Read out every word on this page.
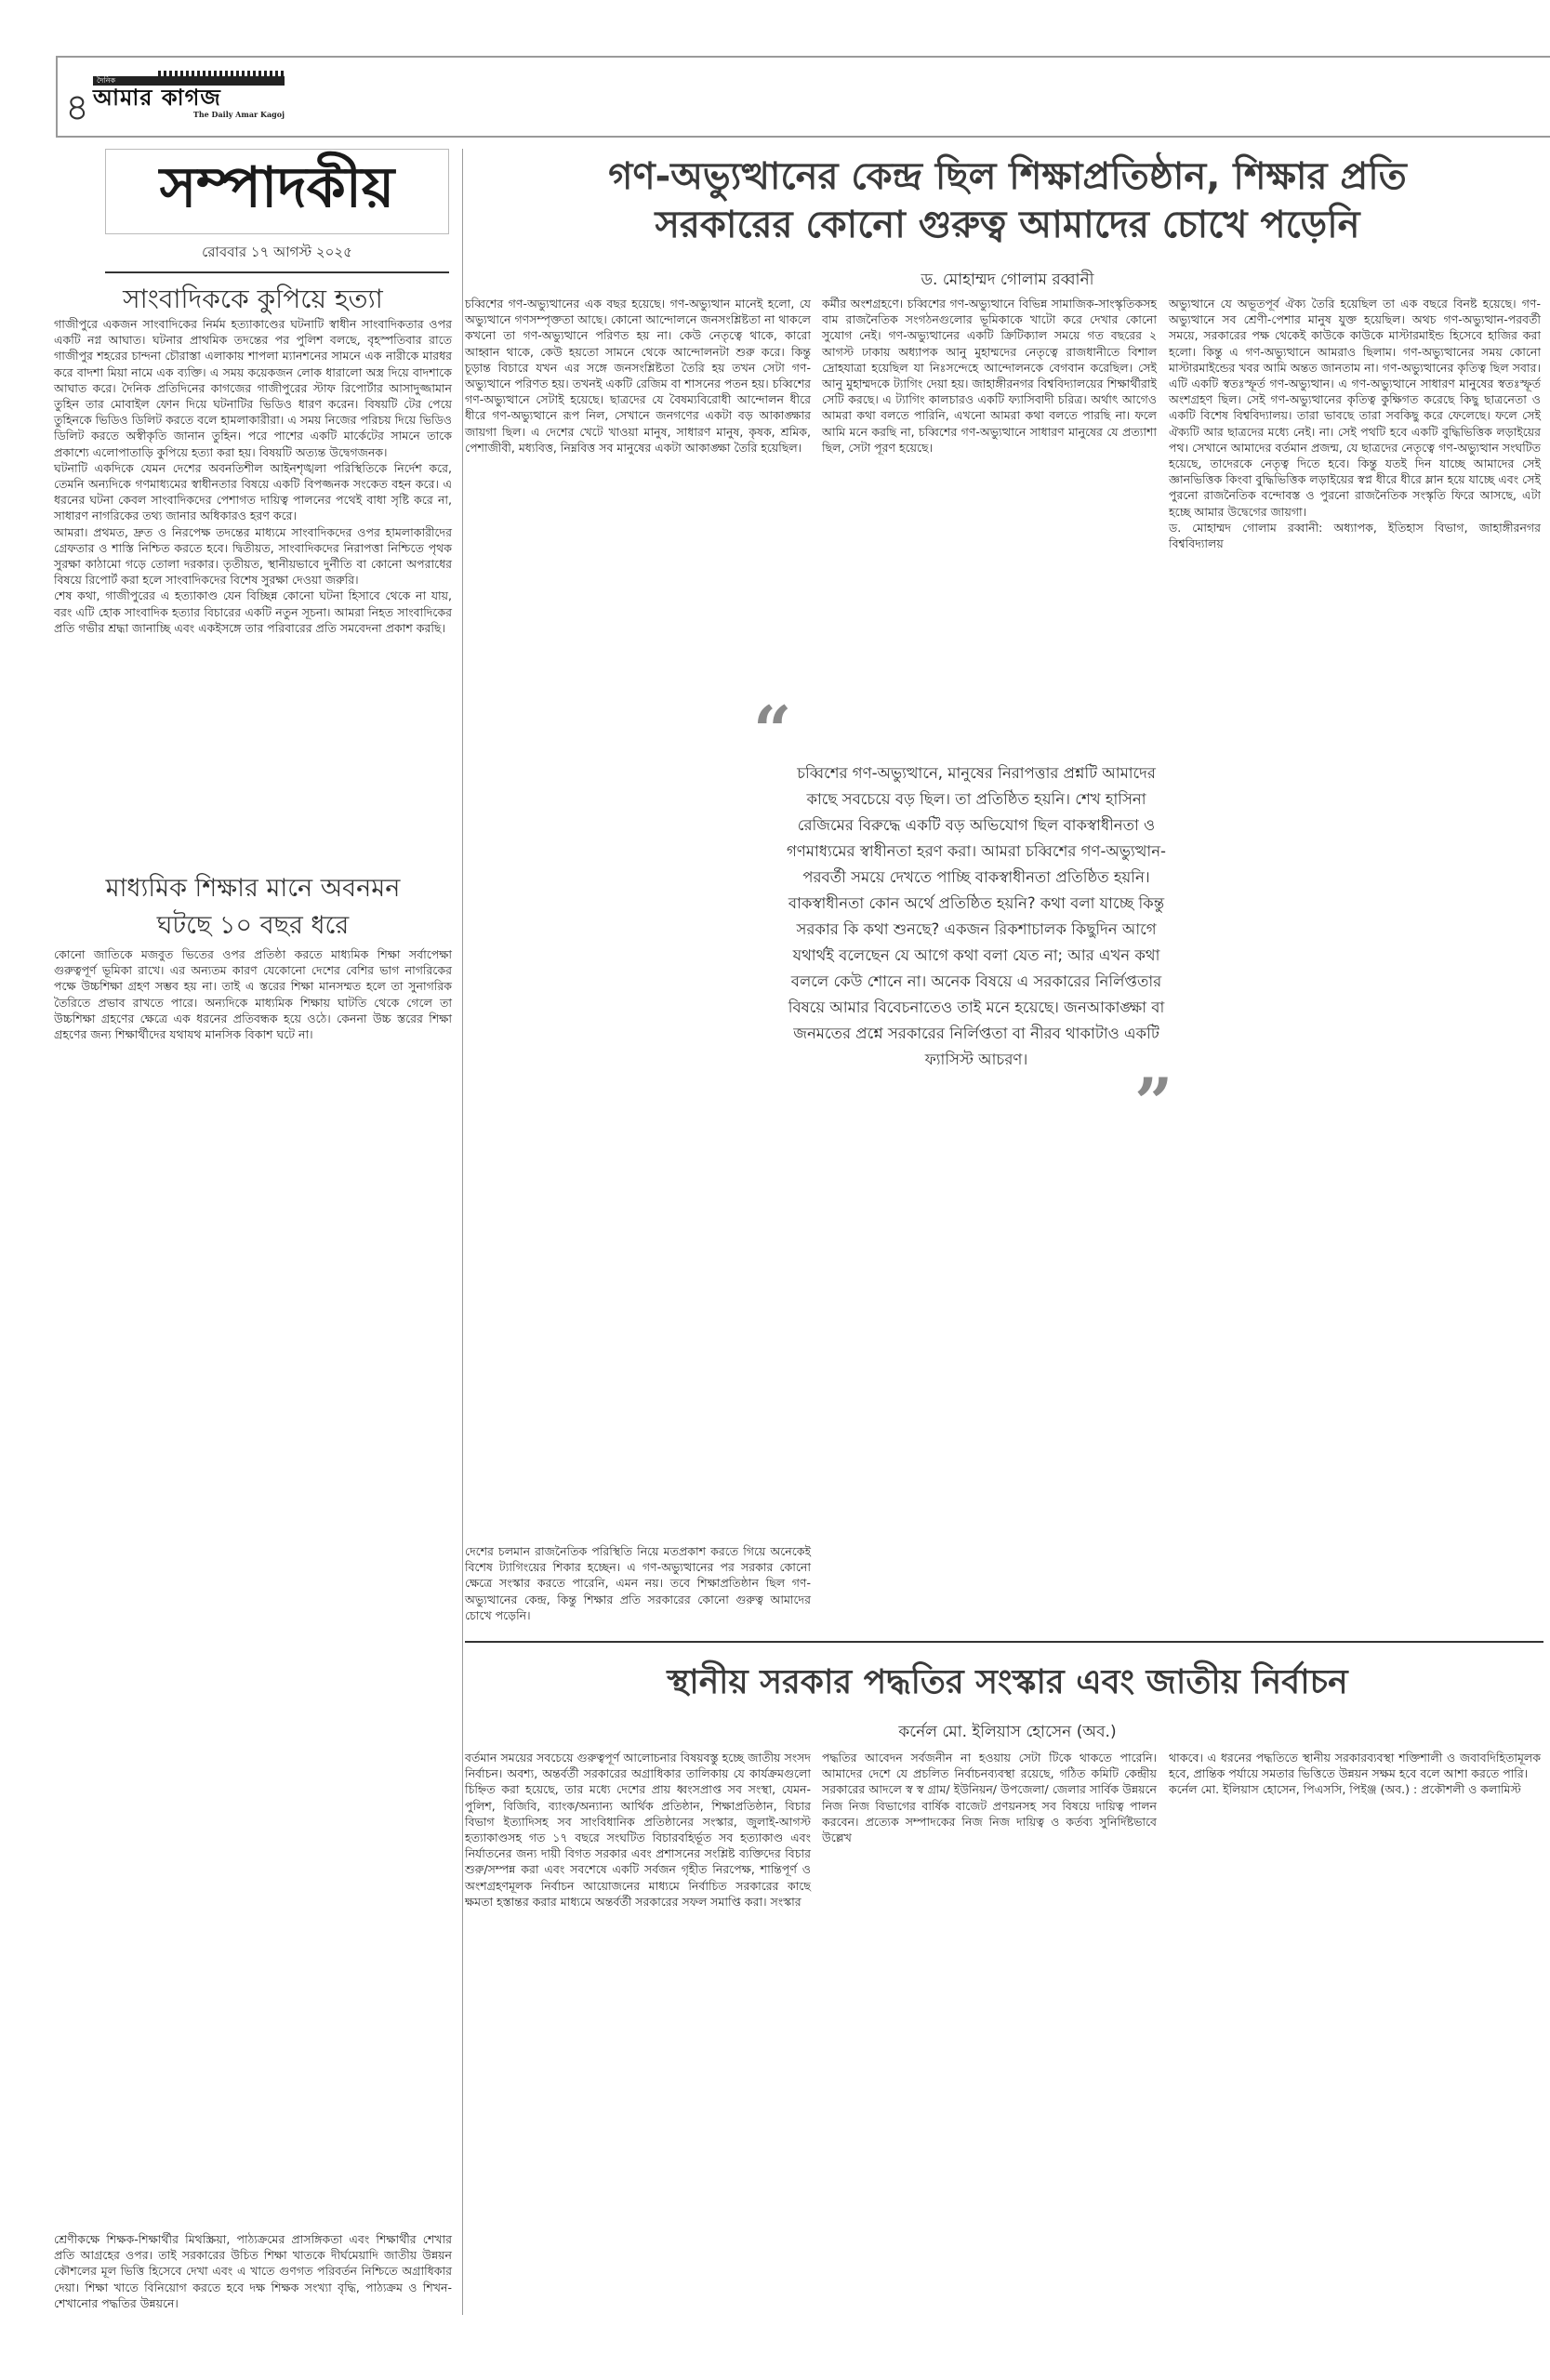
৪
দৈনিক
আমার কাগজ
The Daily Amar Kagoj
সম্পাদকীয়
রোববার ১৭ আগস্ট ২০২৫
সাংবাদিককে কুপিয়ে হত্যা

গাজীপুরে একজন সাংবাদিকের নির্মম হত্যাকাণ্ডের ঘটনাটি স্বাধীন সাংবাদিকতার ওপর একটি নগ্ন আঘাত। ঘটনার প্রাথমিক তদন্তের পর পুলিশ বলছে, বৃহস্পতিবার রাতে গাজীপুর শহরের চান্দনা চৌরাস্তা এলাকায় শাপলা ম্যানশনের সামনে এক নারীকে মারধর করে বাদশা মিয়া নামে এক ব্যক্তি। এ সময় কয়েকজন লোক ধারালো অস্ত্র দিয়ে বাদশাকে আঘাত করে। দৈনিক প্রতিদিনের কাগজের গাজীপুরের স্টাফ রিপোর্টার আসাদুজ্জামান তুহিন তার মোবাইল ফোন দিয়ে ঘটনাটির ভিডিও ধারণ করেন। বিষয়টি টের পেয়ে তুহিনকে ভিডিও ডিলিট করতে বলে হামলাকারীরা। এ সময় নিজের পরিচয় দিয়ে ভিডিও ডিলিট করতে অস্বীকৃতি জানান তুহিন। পরে পাশের একটি মার্কেটের সামনে তাকে প্রকাশ্যে এলোপাতাড়ি কুপিয়ে হত্যা করা হয়। বিষয়টি অত্যন্ত উদ্বেগজনক।

ঘটনাটি একদিকে যেমন দেশের অবনতিশীল আইনশৃঙ্খলা পরিস্থিতিকে নির্দেশ করে, তেমনি অন্যদিকে গণমাধ্যমের স্বাধীনতার বিষয়ে একটি বিপজ্জনক সংকেত বহন করে। এ ধরনের ঘটনা কেবল সাংবাদিকদের পেশাগত দায়িত্ব পালনের পথেই বাধা সৃষ্টি করে না, সাধারণ নাগরিকের তথ্য জানার অধিকারও হরণ করে।

আমরা। প্রথমত, দ্রুত ও নিরপেক্ষ তদন্তের মাধ্যমে সাংবাদিকদের ওপর হামলাকারীদের গ্রেফতার ও শাস্তি নিশ্চিত করতে হবে। দ্বিতীয়ত, সাংবাদিকদের নিরাপত্তা নিশ্চিতে পৃথক সুরক্ষা কাঠামো গড়ে তোলা দরকার। তৃতীয়ত, স্থানীয়ভাবে দুর্নীতি বা কোনো অপরাধের বিষয়ে রিপোর্ট করা হলে সাংবাদিকদের বিশেষ সুরক্ষা দেওয়া জরুরি।

শেষ কথা, গাজীপুরের এ হত্যাকাণ্ড যেন বিচ্ছিন্ন কোনো ঘটনা হিসাবে থেকে না যায়, বরং এটি হোক সাংবাদিক হত্যার বিচারের একটি নতুন সূচনা। আমরা নিহত সাংবাদিকের প্রতি গভীর শ্রদ্ধা জানাচ্ছি এবং একইসঙ্গে তার পরিবারের প্রতি সমবেদনা প্রকাশ করছি।

মাধ্যমিক শিক্ষার মানে অবনমন
ঘটছে ১০ বছর ধরে

কোনো জাতিকে মজবুত ভিতের ওপর প্রতিষ্ঠা করতে মাধ্যমিক শিক্ষা সর্বাপেক্ষা গুরুত্বপূর্ণ ভূমিকা রাখে। এর অন্যতম কারণ যেকোনো দেশের বেশির ভাগ নাগরিকের পক্ষে উচ্চশিক্ষা গ্রহণ সম্ভব হয় না। তাই এ স্তরের শিক্ষা মানসম্মত হলে তা সুনাগরিক তৈরিতে প্রভাব রাখতে পারে। অন্যদিকে মাধ্যমিক শিক্ষায় ঘাটতি থেকে গেলে তা উচ্চশিক্ষা গ্রহণের ক্ষেত্রে এক ধরনের প্রতিবন্ধক হয়ে ওঠে। কেননা উচ্চ স্তরের শিক্ষা গ্রহণের জন্য শিক্ষার্থীদের যথাযথ মানসিক বিকাশ ঘটে না।

শ্রেণীকক্ষে শিক্ষক-শিক্ষার্থীর মিথস্ক্রিয়া, পাঠ্যক্রমের প্রাসঙ্গিকতা এবং শিক্ষার্থীর শেখার প্রতি আগ্রহের ওপর। তাই সরকারের উচিত শিক্ষা খাতকে দীর্ঘমেয়াদি জাতীয় উন্নয়ন কৌশলের মূল ভিত্তি হিসেবে দেখা এবং এ খাতে গুণগত পরিবর্তন নিশ্চিতে অগ্রাধিকার দেয়া। শিক্ষা খাতে বিনিয়োগ করতে হবে দক্ষ শিক্ষক সংখ্যা বৃদ্ধি, পাঠ্যক্রম ও শিখন-শেখানোর পদ্ধতির উন্নয়নে।

গণ-অভ্যুত্থানের কেন্দ্র ছিল শিক্ষাপ্রতিষ্ঠান, শিক্ষার প্রতি
সরকারের কোনো গুরুত্ব আমাদের চোখে পড়েনি
ড. মোহাম্মদ গোলাম রব্বানী

চব্বিশের গণ-অভ্যুত্থানের এক বছর হয়েছে। গণ-অভ্যুত্থান মানেই হলো, যে অভ্যুত্থানে গণসম্পৃক্ততা আছে। কোনো আন্দোলনে জনসংশ্লিষ্টতা না থাকলে কখনো তা গণ-অভ্যুত্থানে পরিণত হয় না। কেউ নেতৃত্বে থাকে, কারো আহ্বান থাকে, কেউ হয়তো সামনে থেকে আন্দোলনটা শুরু করে। কিন্তু চূড়ান্ত বিচারে যখন এর সঙ্গে জনসংশ্লিষ্টতা তৈরি হয় তখন সেটা গণ-অভ্যুত্থানে পরিণত হয়। তখনই একটি রেজিম বা শাসনের পতন হয়। চব্বিশের গণ-অভ্যুত্থানে সেটাই হয়েছে। ছাত্রদের যে বৈষম্যবিরোধী আন্দোলন ধীরে ধীরে গণ-অভ্যুত্থানে রূপ নিল, সেখানে জনগণের একটা বড় আকাঙ্ক্ষার জায়গা ছিল। এ দেশের খেটে খাওয়া মানুষ, সাধারণ মানুষ, কৃষক, শ্রমিক, পেশাজীবী, মধ্যবিত্ত, নিম্নবিত্ত সব মানুষের একটা আকাঙ্ক্ষা তৈরি হয়েছিল।

কর্মীর অংশগ্রহণে। চব্বিশের গণ-অভ্যুত্থানে বিভিন্ন সামাজিক-সাংস্কৃতিকসহ বাম রাজনৈতিক সংগঠনগুলোর ভূমিকাকে খাটো করে দেখার কোনো সুযোগ নেই। গণ-অভ্যুত্থানের একটি ক্রিটিক্যাল সময়ে গত বছরের ২ আগস্ট ঢাকায় অধ্যাপক আনু মুহাম্মদের নেতৃত্বে রাজধানীতে বিশাল দ্রোহযাত্রা হয়েছিল যা নিঃসন্দেহে আন্দোলনকে বেগবান করেছিল। সেই আনু মুহাম্মদকে ট্যাগিং দেয়া হয়। জাহাঙ্গীরনগর বিশ্ববিদ্যালয়ের শিক্ষার্থীরাই সেটি করছে। এ ট্যাগিং কালচারও একটি ফ্যাসিবাদী চরিত্র। অর্থাৎ আগেও আমরা কথা বলতে পারিনি, এখনো আমরা কথা বলতে পারছি না। ফলে আমি মনে করছি না, চব্বিশের গণ-অভ্যুত্থানে সাধারণ মানুষের যে প্রত্যাশা ছিল, সেটা পূরণ হয়েছে।

অভ্যুত্থানে যে অভূতপূর্ব ঐক্য তৈরি হয়েছিল তা এক বছরে বিনষ্ট হয়েছে। গণ-অভ্যুত্থানে সব শ্রেণী-পেশার মানুষ যুক্ত হয়েছিল। অথচ গণ-অভ্যুত্থান-পরবর্তী সময়ে, সরকারের পক্ষ থেকেই কাউকে কাউকে মাস্টারমাইন্ড হিসেবে হাজির করা হলো। কিন্তু এ গণ-অভ্যুত্থানে আমরাও ছিলাম। গণ-অভ্যুত্থানের সময় কোনো মাস্টারমাইন্ডের খবর আমি অন্তত জানতাম না। গণ-অভ্যুত্থানের কৃতিত্ব ছিল সবার। এটি একটি স্বতঃস্ফূর্ত গণ-অভ্যুত্থান। এ গণ-অভ্যুত্থানে সাধারণ মানুষের স্বতঃস্ফূর্ত অংশগ্রহণ ছিল। সেই গণ-অভ্যুত্থানের কৃতিত্ব কুক্ষিগত করেছে কিছু ছাত্রনেতা ও একটি বিশেষ বিশ্ববিদ্যালয়। তারা ভাবছে তারা সবকিছু করে ফেলেছে। ফলে সেই ঐক্যটি আর ছাত্রদের মধ্যে নেই। না। সেই পথটি হবে একটি বুদ্ধিভিত্তিক লড়াইয়ের পথ। সেখানে আমাদের বর্তমান প্রজন্ম, যে ছাত্রদের নেতৃত্বে গণ-অভ্যুত্থান সংঘটিত হয়েছে, তাদেরকে নেতৃত্ব দিতে হবে। কিন্তু যতই দিন যাচ্ছে আমাদের সেই জ্ঞানভিত্তিক কিংবা বুদ্ধিভিত্তিক লড়াইয়ের স্বপ্ন ধীরে ধীরে ম্লান হয়ে যাচ্ছে এবং সেই পুরনো রাজনৈতিক বন্দোবস্ত ও পুরনো রাজনৈতিক সংস্কৃতি ফিরে আসছে, এটা হচ্ছে আমার উদ্বেগের জায়গা।

ড. মোহাম্মদ গোলাম রব্বানী: অধ্যাপক, ইতিহাস বিভাগ, জাহাঙ্গীরনগর বিশ্ববিদ্যালয়

দেশের চলমান রাজনৈতিক পরিস্থিতি নিয়ে মতপ্রকাশ করতে গিয়ে অনেকেই বিশেষ ট্যাগিংয়ের শিকার হচ্ছেন। এ গণ-অভ্যুত্থানের পর সরকার কোনো ক্ষেত্রে সংস্কার করতে পারেনি, এমন নয়। তবে শিক্ষাপ্রতিষ্ঠান ছিল গণ-অভ্যুত্থানের কেন্দ্র, কিন্তু শিক্ষার প্রতি সরকারের কোনো গুরুত্ব আমাদের চোখে পড়েনি।

স্থানীয় সরকার পদ্ধতির সংস্কার এবং জাতীয় নির্বাচন
কর্নেল মো. ইলিয়াস হোসেন (অব.)

বর্তমান সময়ের সবচেয়ে গুরুত্বপূর্ণ আলোচনার বিষয়বস্তু হচ্ছে জাতীয় সংসদ নির্বাচন। অবশ্য, অন্তর্বর্তী সরকারের অগ্রাধিকার তালিকায় যে কার্যক্রমগুলো চিহ্নিত করা হয়েছে, তার মধ্যে দেশের প্রায় ধ্বংসপ্রাপ্ত সব সংস্থা, যেমন-পুলিশ, বিজিবি, ব্যাংক/অন্যান্য আর্থিক প্রতিষ্ঠান, শিক্ষাপ্রতিষ্ঠান, বিচার বিভাগ ইত্যাদিসহ সব সাংবিধানিক প্রতিষ্ঠানের সংস্কার, জুলাই-আগস্ট হত্যাকাণ্ডসহ গত ১৭ বছরে সংঘটিত বিচারবহির্ভূত সব হত্যাকাণ্ড এবং নির্যাতনের জন্য দায়ী বিগত সরকার এবং প্রশাসনের সংশ্লিষ্ট ব্যক্তিদের বিচার শুরু/সম্পন্ন করা এবং সবশেষে একটি সর্বজন গৃহীত নিরপেক্ষ, শান্তিপূর্ণ ও অংশগ্রহণমূলক নির্বাচন আয়োজনের মাধ্যমে নির্বাচিত সরকারের কাছে ক্ষমতা হস্তান্তর করার মাধ্যমে অন্তর্বর্তী সরকারের সফল সমাপ্তি করা। সংস্কার

পদ্ধতির আবেদন সর্বজনীন না হওয়ায় সেটা টিকে থাকতে পারেনি। আমাদের দেশে যে প্রচলিত নির্বাচনব্যবস্থা রয়েছে, গঠিত কমিটি কেন্দ্রীয় সরকারের আদলে স্ব স্ব গ্রাম/ ইউনিয়ন/ উপজেলা/ জেলার সার্বিক উন্নয়নে নিজ নিজ বিভাগের বার্ষিক বাজেট প্রণয়নসহ সব বিষয়ে দায়িত্ব পালন করবেন। প্রত্যেক সম্পাদকের নিজ নিজ দায়িত্ব ও কর্তব্য সুনির্দিষ্টভাবে উল্লেখ

থাকবে। এ ধরনের পদ্ধতিতে স্থানীয় সরকারব্যবস্থা শক্তিশালী ও জবাবদিহিতামূলক হবে, প্রান্তিক পর্যায়ে সমতার ভিত্তিতে উন্নয়ন সক্ষম হবে বলে আশা করতে পারি।

কর্নেল মো. ইলিয়াস হোসেন, পিএসসি, পিইঞ্জ (অব.) : প্রকৌশলী ও কলামিস্ট

“
চব্বিশের গণ-অভ্যুত্থানে, মানুষের নিরাপত্তার প্রশ্নটি আমাদের কাছে সবচেয়ে বড় ছিল। তা প্রতিষ্ঠিত হয়নি। শেখ হাসিনা রেজিমের বিরুদ্ধে একটি বড় অভিযোগ ছিল বাকস্বাধীনতা ও গণমাধ্যমের স্বাধীনতা হরণ করা। আমরা চব্বিশের গণ-অভ্যুত্থান-পরবর্তী সময়ে দেখতে পাচ্ছি বাকস্বাধীনতা প্রতিষ্ঠিত হয়নি। বাকস্বাধীনতা কোন অর্থে প্রতিষ্ঠিত হয়নি? কথা বলা যাচ্ছে কিন্তু সরকার কি কথা শুনছে? একজন রিকশাচালক কিছুদিন আগে যথার্থই বলেছেন যে আগে কথা বলা যেত না; আর এখন কথা বললে কেউ শোনে না। অনেক বিষয়ে এ সরকারের নির্লিপ্ততার বিষয়ে আমার বিবেচনাতেও তাই মনে হয়েছে। জনআকাঙ্ক্ষা বা জনমতের প্রশ্নে সরকারের নির্লিপ্ততা বা নীরব থাকাটাও একটি ফ্যাসিস্ট আচরণ।
”
